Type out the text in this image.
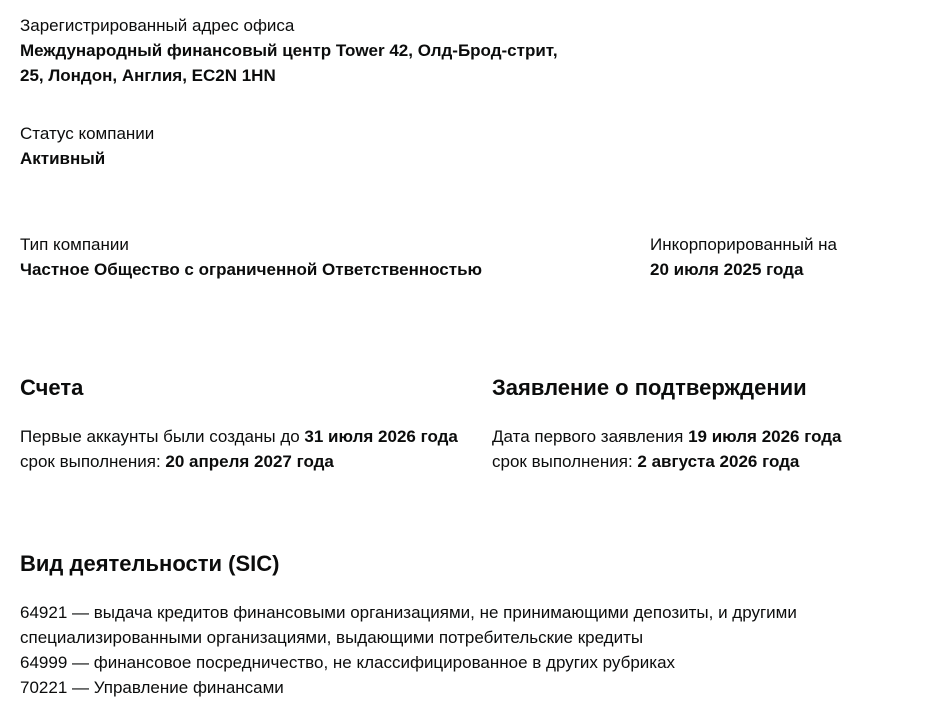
Зарегистрированный адрес офиса

Международный финансовый центр Tower 42, Олд-Брод-стрит, 25, Лондон, Англия, EC2N 1HN

Статус компании

Активный

Тип компании

Частное Общество с ограниченной Ответственностью

Инкорпорированный на

20 июля 2025 года

Счета

Первые аккаунты были созданы до 31 июля 2026 года

срок выполнения: 20 апреля 2027 года

Заявление о подтверждении

Дата первого заявления 19 июля 2026 года

срок выполнения: 2 августа 2026 года

Вид деятельности (SIC)
64921 — выдача кредитов финансовыми организациями, не принимающими депозиты, и другими специализированными организациями, выдающими потребительские кредиты
64999 — финансовое посредничество, не классифицированное в других рубриках
70221 — Управление финансами
